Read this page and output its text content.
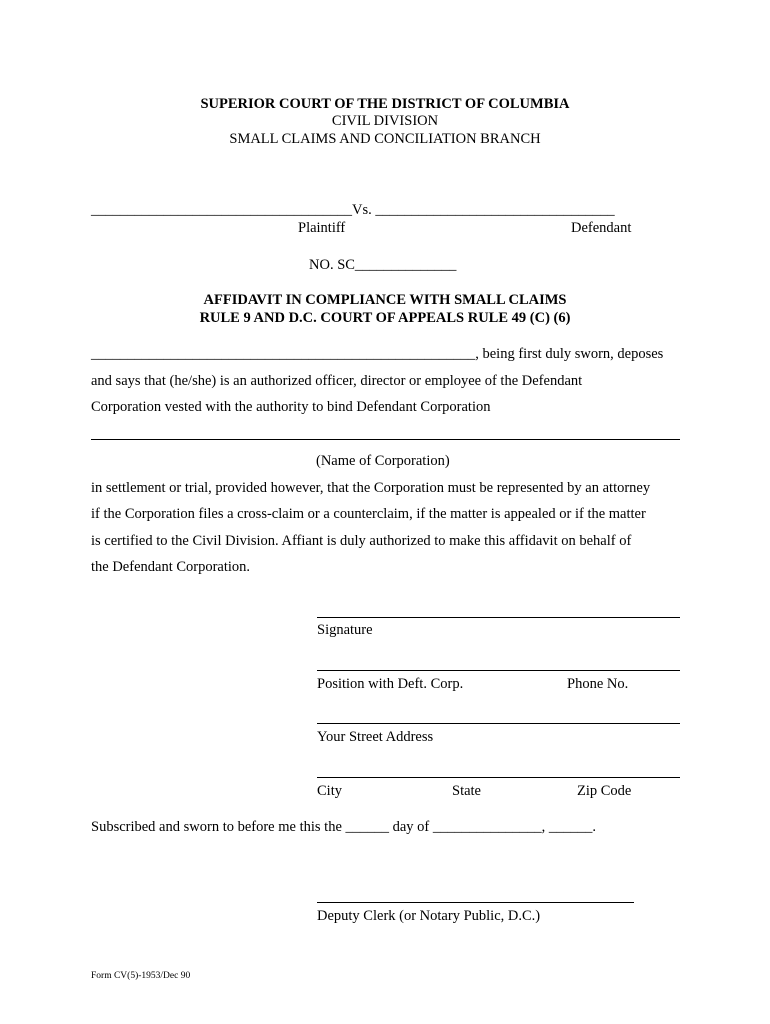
SUPERIOR COURT OF THE DISTRICT OF COLUMBIA
CIVIL DIVISION
SMALL CLAIMS AND CONCILIATION BRANCH
____________________________________Vs. _________________________________
Plaintiff	Defendant
NO. SC______________
AFFIDAVIT IN COMPLIANCE WITH SMALL CLAIMS
RULE 9 AND D.C. COURT OF APPEALS RULE 49 (C) (6)
_____________________________________________________, being first duly sworn, deposes
and says that (he/she) is an authorized officer, director or employee of the Defendant
Corporation vested with the authority to bind Defendant Corporation
(Name of Corporation)
in settlement or trial, provided however, that the Corporation must be represented by an attorney
if the Corporation files a cross-claim or a counterclaim, if the matter is appealed or if the matter
is certified to the Civil Division. Affiant is duly authorized to make this affidavit on behalf of
the Defendant Corporation.
Signature
Position with Deft. Corp.	Phone No.
Your Street Address
City	State	Zip Code
Subscribed and sworn to before me this the ______ day of _______________, ______.
Deputy Clerk (or Notary Public, D.C.)
Form CV(5)-1953/Dec 90
